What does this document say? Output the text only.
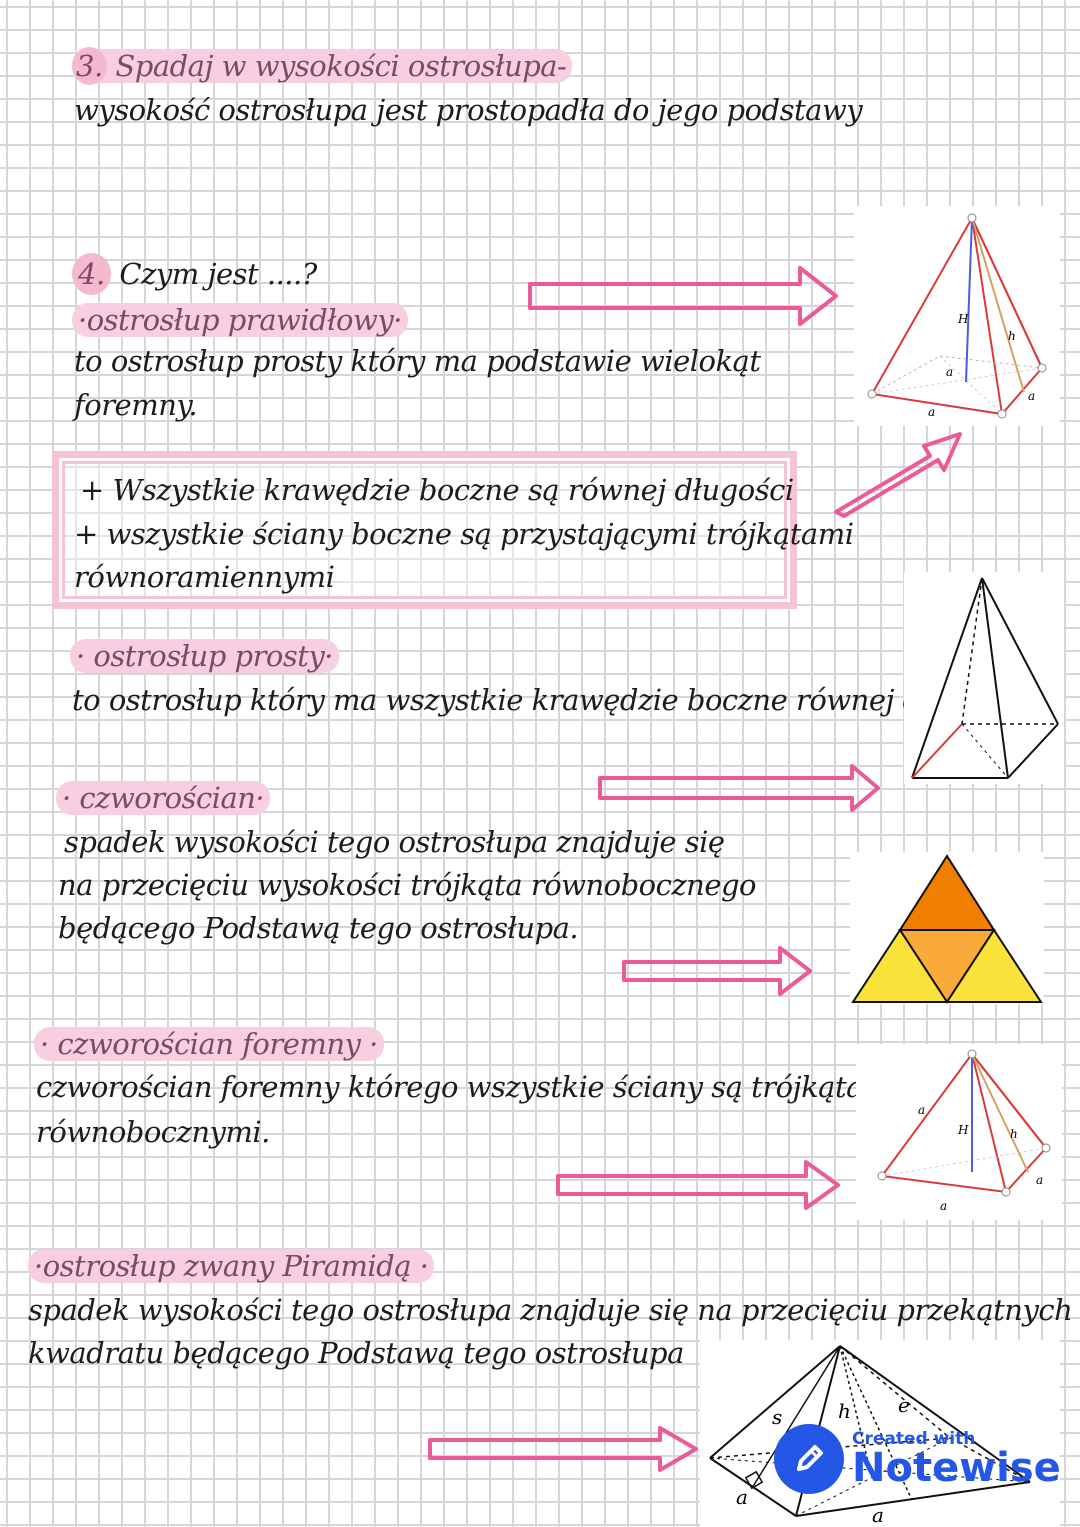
3. Spadaj w wysokości ostrosłupa-
wysokość ostrosłupa jest prostopadła do jego podstawy
4. Czym jest ....?
·ostrosłup prawidłowy·
to ostrosłup prosty który ma podstawie wielokąt
foremny.
+ Wszystkie krawędzie boczne są równej długości
+ wszystkie ściany boczne są przystającymi trójkątami
równoramiennymi
· ostrosłup prosty·
to ostrosłup który ma wszystkie krawędzie boczne równej długości
· czworościan·
spadek wysokości tego ostrosłupa znajduje się
na przecięciu wysokości trójkąta równobocznego
będącego Podstawą tego ostrosłupa.
· czworościan foremny ·
czworościan foremny którego wszystkie ściany są trójkątami
równobocznymi.
·ostrosłup zwany Piramidą ·
spadek wysokości tego ostrosłupa znajduje się na przecięciu przekątnych
kwadratu będącego Podstawą tego ostrosłupa
H
h
a
a
a
a
H	h
a
a
s	h e
a
a
Created with
Notewise
